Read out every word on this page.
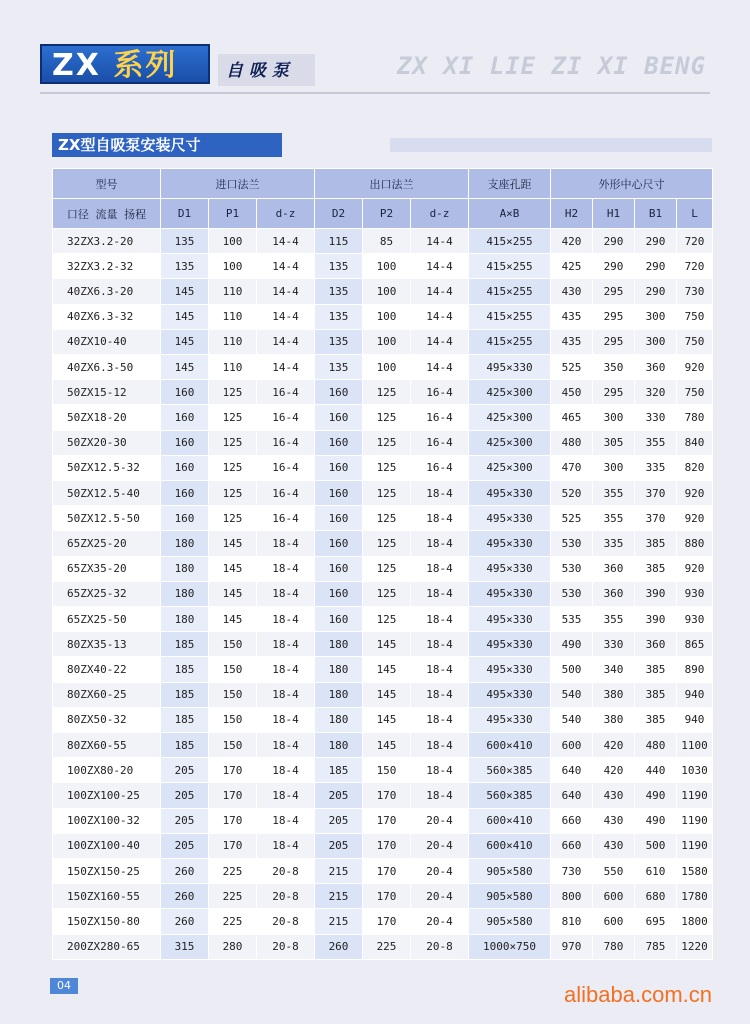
ZX 系列	自 吸 泵	ZX XI LIE ZI XI BENG
ZX型自吸泵安装尺寸
型号	进口法兰			出口法兰			支座孔距	外形中心尺寸			
口径 流量 扬程	D1	P1	d-z	D2	P2	d-z	A×B	H2	H1	B1	L
32ZX3.2-20	135	100	14-4	115	85	14-4	415×255	420	290	290	720
32ZX3.2-32	135	100	14-4	135	100	14-4	415×255	425	290	290	720
40ZX6.3-20	145	110	14-4	135	100	14-4	415×255	430	295	290	730
40ZX6.3-32	145	110	14-4	135	100	14-4	415×255	435	295	300	750
40ZX10-40	145	110	14-4	135	100	14-4	415×255	435	295	300	750
40ZX6.3-50	145	110	14-4	135	100	14-4	495×330	525	350	360	920
50ZX15-12	160	125	16-4	160	125	16-4	425×300	450	295	320	750
50ZX18-20	160	125	16-4	160	125	16-4	425×300	465	300	330	780
50ZX20-30	160	125	16-4	160	125	16-4	425×300	480	305	355	840
50ZX12.5-32	160	125	16-4	160	125	16-4	425×300	470	300	335	820
50ZX12.5-40	160	125	16-4	160	125	18-4	495×330	520	355	370	920
50ZX12.5-50	160	125	16-4	160	125	18-4	495×330	525	355	370	920
65ZX25-20	180	145	18-4	160	125	18-4	495×330	530	335	385	880
65ZX35-20	180	145	18-4	160	125	18-4	495×330	530	360	385	920
65ZX25-32	180	145	18-4	160	125	18-4	495×330	530	360	390	930
65ZX25-50	180	145	18-4	160	125	18-4	495×330	535	355	390	930
80ZX35-13	185	150	18-4	180	145	18-4	495×330	490	330	360	865
80ZX40-22	185	150	18-4	180	145	18-4	495×330	500	340	385	890
80ZX60-25	185	150	18-4	180	145	18-4	495×330	540	380	385	940
80ZX50-32	185	150	18-4	180	145	18-4	495×330	540	380	385	940
80ZX60-55	185	150	18-4	180	145	18-4	600×410	600	420	480	1100
100ZX80-20	205	170	18-4	185	150	18-4	560×385	640	420	440	1030
100ZX100-25	205	170	18-4	205	170	18-4	560×385	640	430	490	1190
100ZX100-32	205	170	18-4	205	170	20-4	600×410	660	430	490	1190
100ZX100-40	205	170	18-4	205	170	20-4	600×410	660	430	500	1190
150ZX150-25	260	225	20-8	215	170	20-4	905×580	730	550	610	1580
150ZX160-55	260	225	20-8	215	170	20-4	905×580	800	600	680	1780
150ZX150-80	260	225	20-8	215	170	20-4	905×580	810	600	695	1800
200ZX280-65	315	280	20-8	260	225	20-8	1000×750	970	780	785	1220
04	alibaba.com.cn
